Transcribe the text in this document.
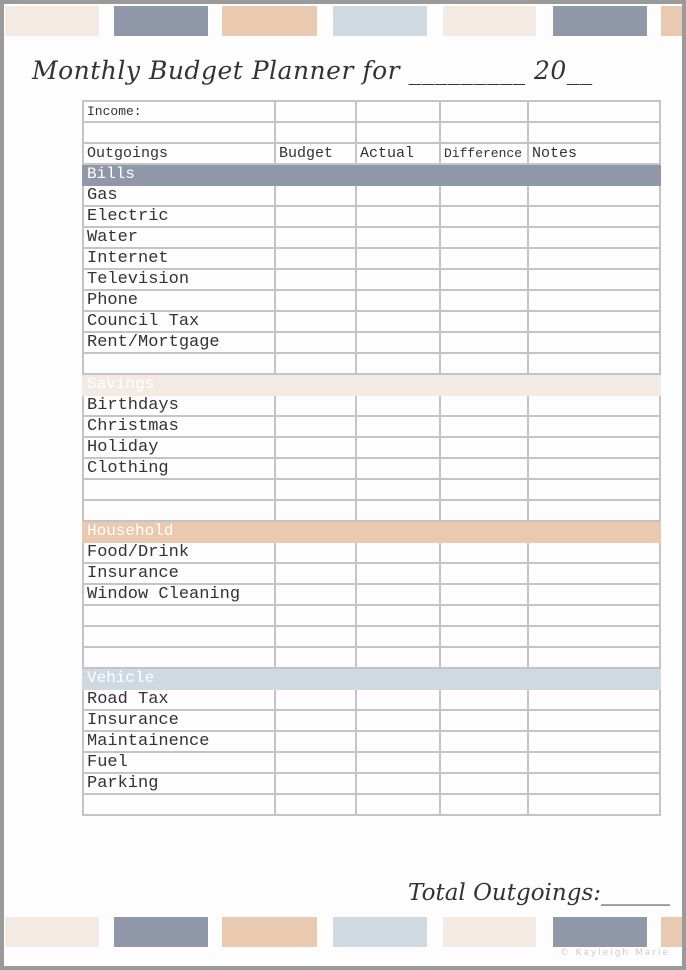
Monthly Budget Planner for _________ 20__
Income:				

Outgoings	Budget	Actual	Difference	Notes
Bills				
Gas				
Electric				
Water				
Internet				
Television				
Phone				
Council Tax				
Rent/Mortgage				

Savings				
Birthdays				
Christmas				
Holiday				
Clothing				

Household				
Food/Drink				
Insurance				
Window Cleaning				

Vehicle				
Road Tax				
Insurance				
Maintainence				
Fuel				
Parking				

Total Outgoings:______
© Kayleigh Marie
